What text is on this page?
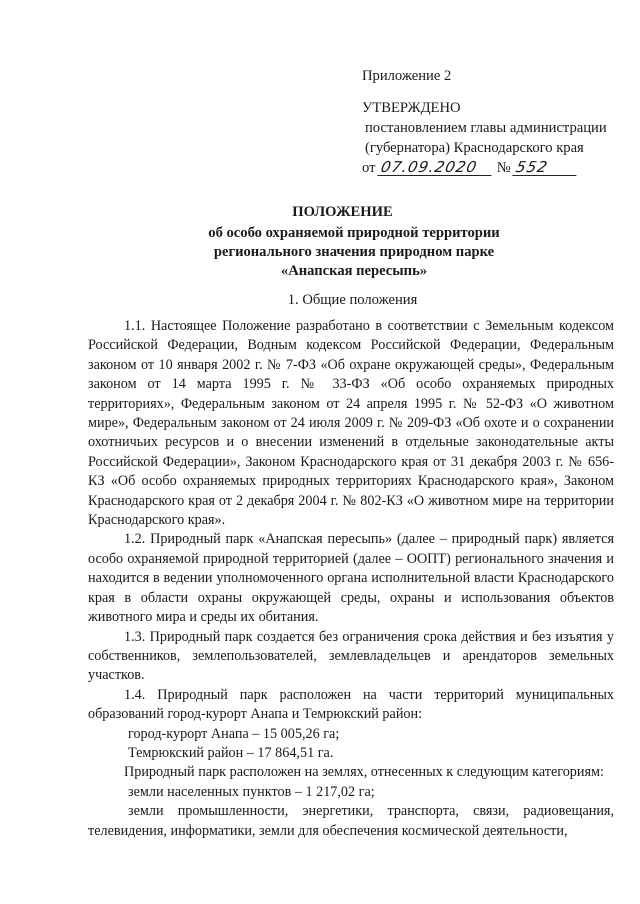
Приложение 2
УТВЕРЖДЕНО
постановлением главы администрации
(губернатора) Краснодарского края
от 07.09.2020 № 552
ПОЛОЖЕНИЕ
об особо охраняемой природной территории
регионального значения природном парке
«Анапская пересыпь»
1. Общие положения

1.1. Настоящее Положение разработано в соответствии с Земельным кодексом Российской Федерации, Водным кодексом Российской Федерации, Федеральным законом от 10 января 2002 г. № 7-ФЗ «Об охране окружающей среды», Федеральным законом от 14 марта 1995 г. № 33-ФЗ «Об особо охраняемых природных территориях», Федеральным законом от 24 апреля 1995 г. № 52-ФЗ «О животном мире», Федеральным законом от 24 июля 2009 г. № 209-ФЗ «Об охоте и о сохранении охотничьих ресурсов и о внесении изменений в отдельные законодательные акты Российской Федерации», Законом Краснодарского края от 31 декабря 2003 г. № 656-КЗ «Об особо охраняемых природных территориях Краснодарского края», Законом Краснодарского края от 2 декабря 2004 г. № 802-КЗ «О животном мире на территории Краснодарского края».

1.2. Природный парк «Анапская пересыпь» (далее – природный парк) является особо охраняемой природной территорией (далее – ООПТ) регионального значения и находится в ведении уполномоченного органа исполнительной власти Краснодарского края в области охраны окружающей среды, охраны и использования объектов животного мира и среды их обитания.

1.3. Природный парк создается без ограничения срока действия и без изъятия у собственников, землепользователей, землевладельцев и арендаторов земельных участков.

1.4. Природный парк расположен на части территорий муниципальных образований город-курорт Анапа и Темрюкский район:

город-курорт Анапа – 15 005,26 га;

Темрюкский район – 17 864,51 га.

Природный парк расположен на землях, отнесенных к следующим категориям:

земли населенных пунктов – 1 217,02 га;

земли промышленности, энергетики, транспорта, связи, радиовещания, телевидения, информатики, земли для обеспечения космической деятельности,
